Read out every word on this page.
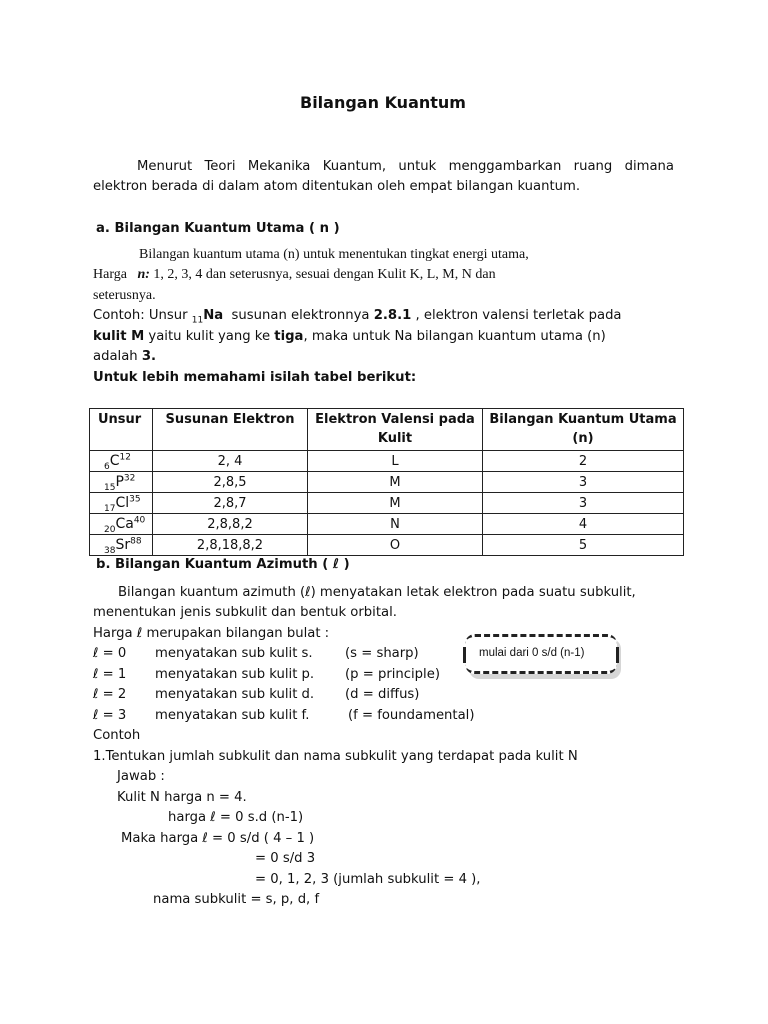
Bilangan Kuantum
Menurut Teori Mekanika Kuantum, untuk menggambarkan ruang dimana
elektron berada di dalam atom ditentukan oleh empat bilangan kuantum.
a. Bilangan Kuantum Utama ( n )
Bilangan kuantum utama (n) untuk menentukan tingkat energi utama,
Harga n: 1, 2, 3, 4 dan seterusnya, sesuai dengan Kulit K, L, M, N dan
seterusnya.
Contoh: Unsur $_{11}$Na susunan elektronnya 2.8.1 , elektron valensi terletak pada
kulit M yaitu kulit yang ke tiga, maka untuk Na bilangan kuantum utama (n)
adalah 3.
Untuk lebih memahami isilah tabel berikut:
Unsur	Susunan Elektron	Elektron Valensi pada Kulit	Bilangan Kuantum Utama (n)
$_6C^{12}$	2, 4	L	2
$_{15}P^{32}$	2,8,5	M	3
$_{17}Cl^{35}$	2,8,7	M	3
$_{20}Ca^{40}$	2,8,8,2	N	4
$_{38}Sr^{88}$	2,8,18,8,2	O	5
b. Bilangan Kuantum Azimuth ( ℓ )
Bilangan kuantum azimuth (ℓ) menyatakan letak elektron pada suatu subkulit,
menentukan jenis subkulit dan bentuk orbital.
Harga ℓ merupakan bilangan bulat :
ℓ = 0 menyatakan sub kulit s. (s = sharp)
ℓ = 1 menyatakan sub kulit p. (p = principle)
ℓ = 2 menyatakan sub kulit d. (d = diffus)
ℓ = 3 menyatakan sub kulit f.	(f = foundamental)
mulai dari 0 s/d (n-1)
Contoh
1.Tentukan jumlah subkulit dan nama subkulit yang terdapat pada kulit N
Jawab :
Kulit N harga n = 4.
harga ℓ = 0 s.d (n-1)
Maka harga ℓ = 0 s/d ( 4 – 1 )
= 0 s/d 3
= 0, 1, 2, 3 (jumlah subkulit = 4 ),
nama subkulit = s, p, d, f
